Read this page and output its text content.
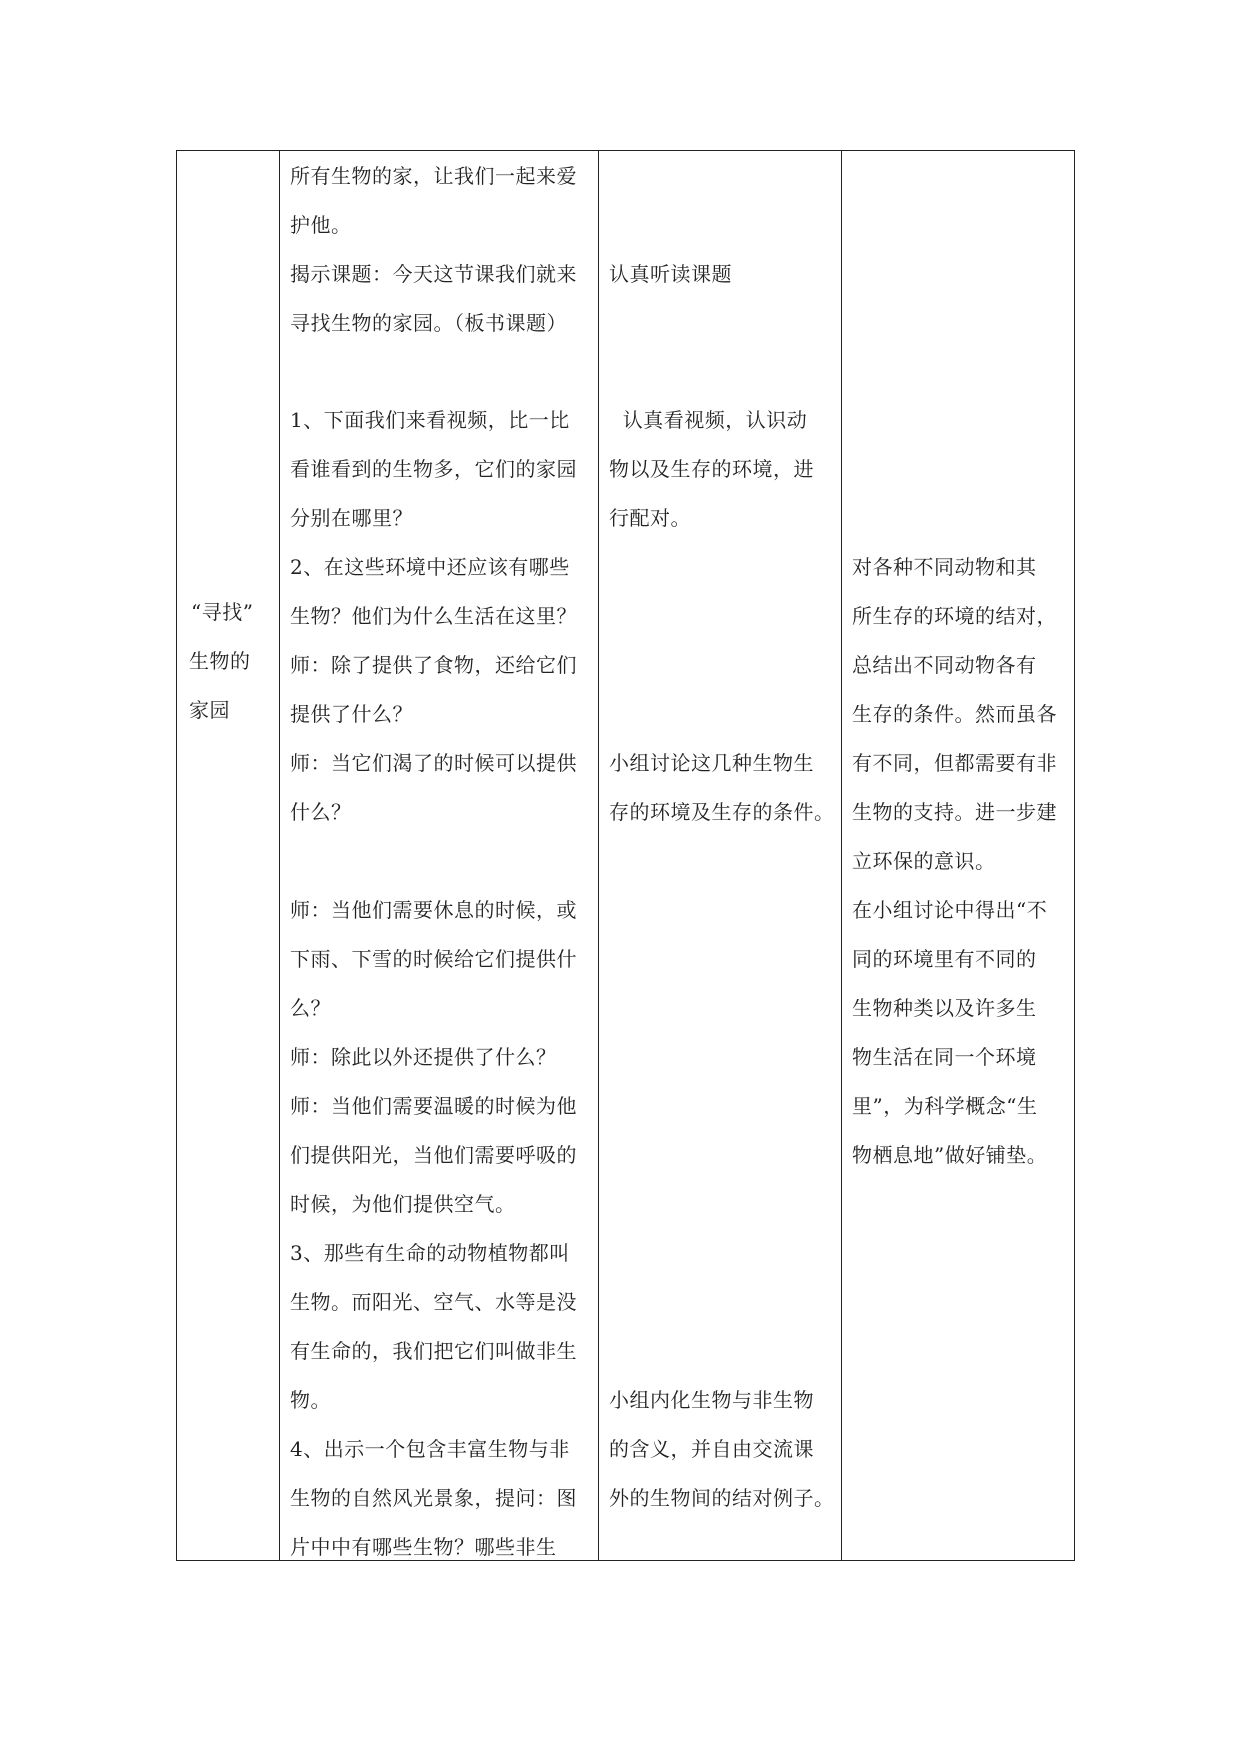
“寻找”
生物的
家园
所有生物的家，让我们一起来爱
护他。
揭示课题：今天这节课我们就来
寻找生物的家园。（板书课题）
1、下面我们来看视频，比一比
看谁看到的生物多，它们的家园
分别在哪里？
2、在这些环境中还应该有哪些
生物？他们为什么生活在这里？
师：除了提供了食物，还给它们
提供了什么？
师：当它们渴了的时候可以提供
什么？
师：当他们需要休息的时候，或
下雨、下雪的时候给它们提供什
么？
师：除此以外还提供了什么？
师：当他们需要温暖的时候为他
们提供阳光，当他们需要呼吸的
时候，为他们提供空气。
3、那些有生命的动物植物都叫
生物。而阳光、空气、水等是没
有生命的，我们把它们叫做非生
物。
4、出示一个包含丰富生物与非
生物的自然风光景象，提问：图
片中中有哪些生物？哪些非生
认真听读课题
认真看视频，认识动
物以及生存的环境，进
行配对。
小组讨论这几种生物生
存的环境及生存的条件。
小组内化生物与非生物
的含义，并自由交流课
外的生物间的结对例子。
对各种不同动物和其
所生存的环境的结对，
总结出不同动物各有
生存的条件。然而虽各
有不同，但都需要有非
生物的支持。进一步建
立环保的意识。
在小组讨论中得出“不
同的环境里有不同的
生物种类以及许多生
物生活在同一个环境
里”，为科学概念“生
物栖息地”做好铺垫。
